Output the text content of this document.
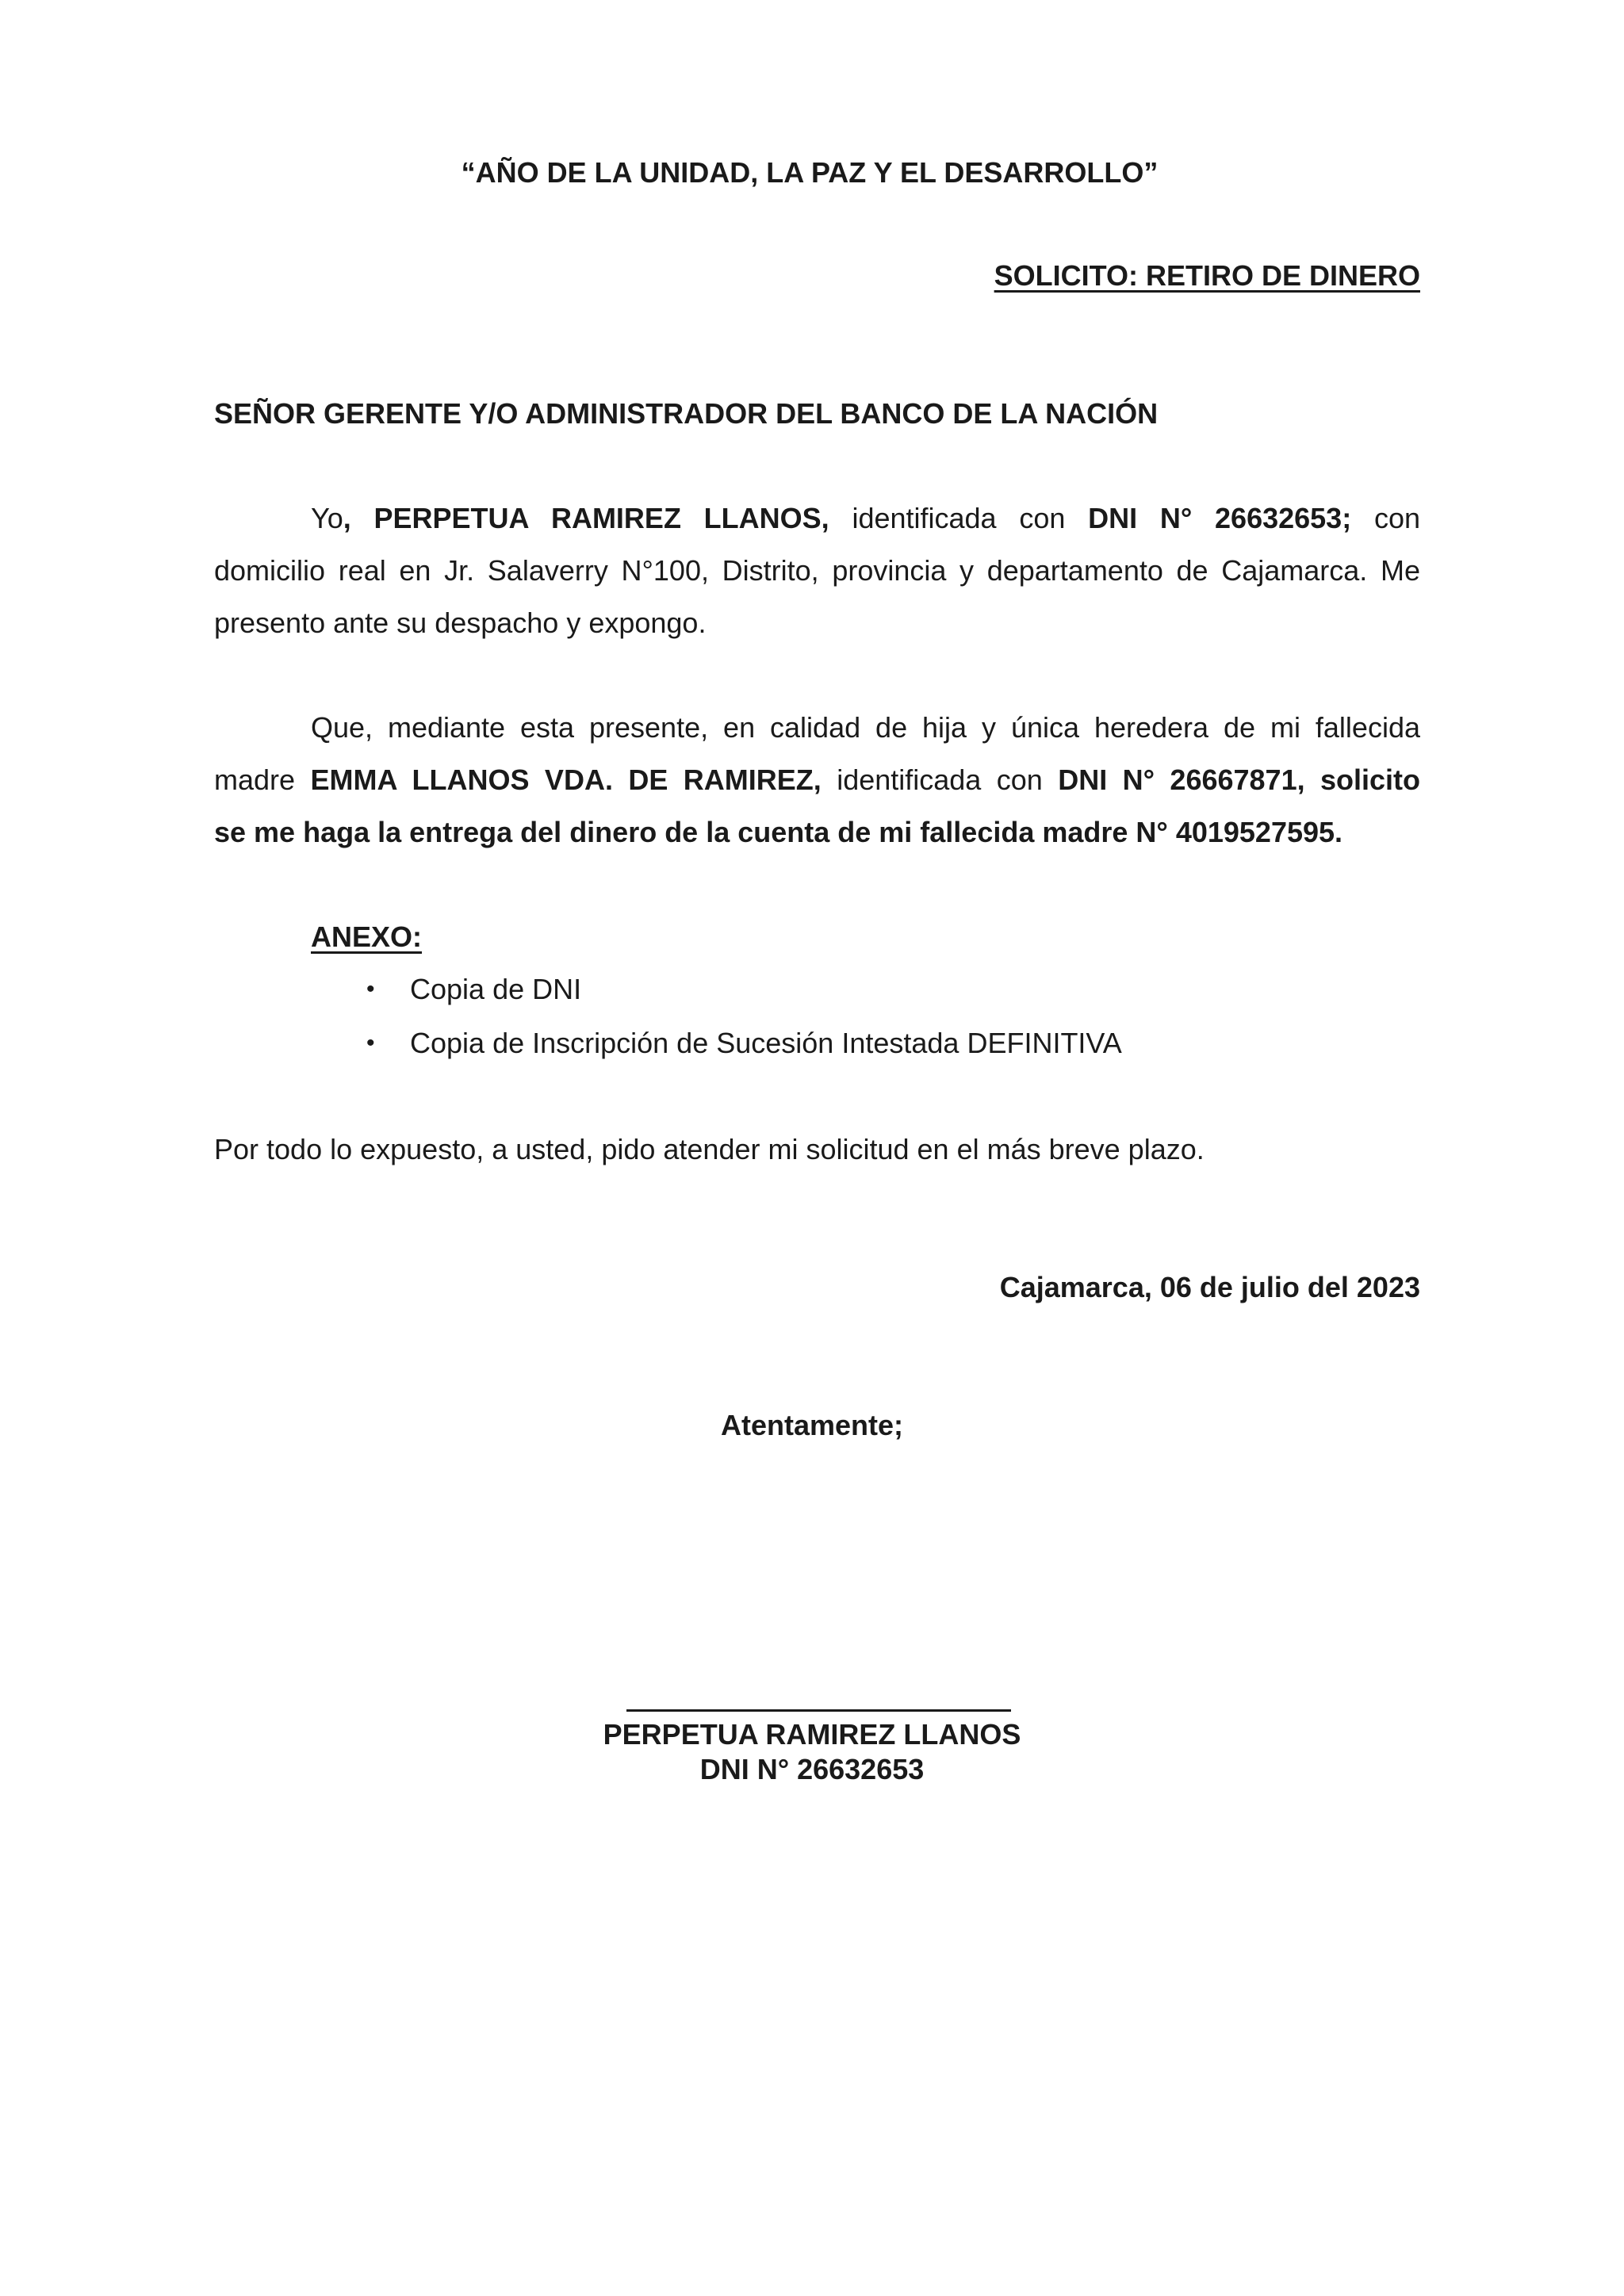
“AÑO DE LA UNIDAD, LA PAZ Y EL DESARROLLO”
SOLICITO: RETIRO DE DINERO
SEÑOR GERENTE Y/O ADMINISTRADOR DEL BANCO DE LA NACIÓN
Yo, PERPETUA RAMIREZ LLANOS, identificada con DNI N° 26632653; con
domicilio real en Jr. Salaverry N°100, Distrito, provincia y departamento de Cajamarca. Me
presento ante su despacho y expongo.
Que, mediante esta presente, en calidad de hija y única heredera de mi fallecida
madre EMMA LLANOS VDA. DE RAMIREZ, identificada con DNI N° 26667871, solicito
se me haga la entrega del dinero de la cuenta de mi fallecida madre N° 4019527595.
ANEXO:
• Copia de DNI
• Copia de Inscripción de Sucesión Intestada DEFINITIVA
Por todo lo expuesto, a usted, pido atender mi solicitud en el más breve plazo.
Cajamarca, 06 de julio del 2023
Atentamente;
PERPETUA RAMIREZ LLANOS
DNI N° 26632653
